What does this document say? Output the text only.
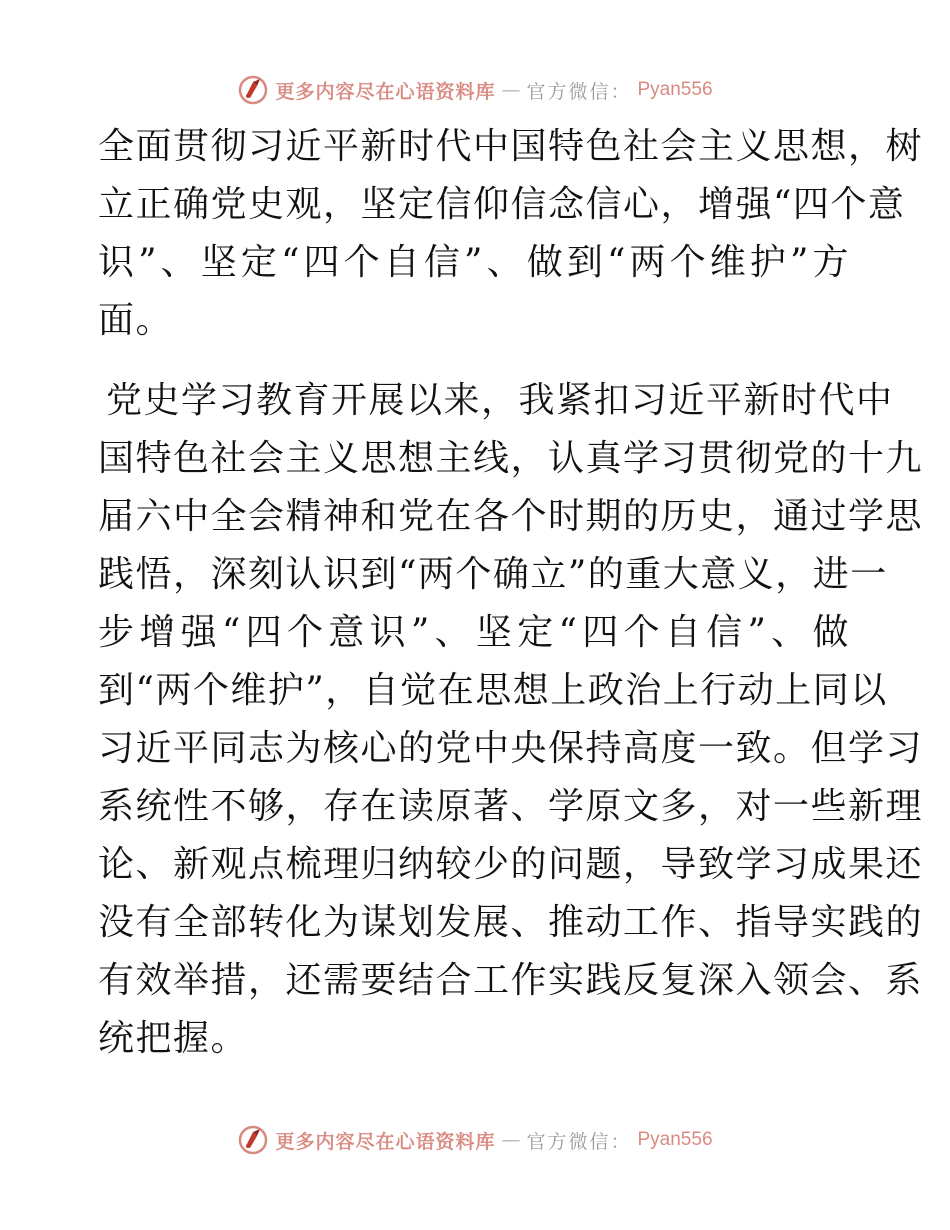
更多内容尽在心语资料库 — 官方微信： Pyan556
全面贯彻习近平新时代中国特色社会主义思想，树
立正确党史观，坚定信仰信念信心，增强“四个意
识”、坚定“四个自信”、做到“两个维护”方
面。
党史学习教育开展以来，我紧扣习近平新时代中
国特色社会主义思想主线，认真学习贯彻党的十九
届六中全会精神和党在各个时期的历史，通过学思
践悟，深刻认识到“两个确立”的重大意义，进一
步增强“四个意识”、坚定“四个自信”、做
到“两个维护”，自觉在思想上政治上行动上同以
习近平同志为核心的党中央保持高度一致。但学习
系统性不够，存在读原著、学原文多，对一些新理
论、新观点梳理归纳较少的问题，导致学习成果还
没有全部转化为谋划发展、推动工作、指导实践的
有效举措，还需要结合工作实践反复深入领会、系
统把握。
更多内容尽在心语资料库 — 官方微信： Pyan556
